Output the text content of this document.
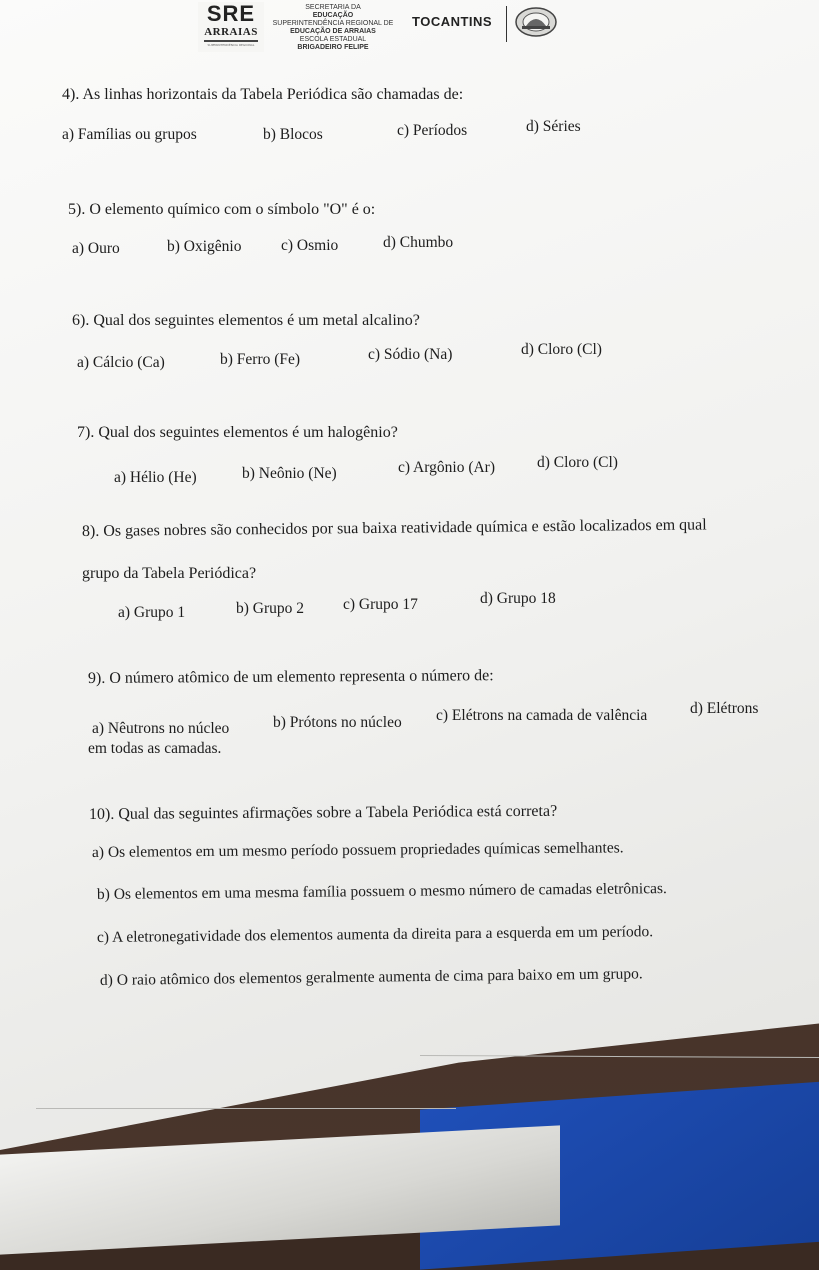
SRE
ARRAIAS
SUPERINTENDÊNCIA REGIONAL
SECRETARIA DA
EDUCAÇÃO
SUPERINTENDÊNCIA REGIONAL DE
EDUCAÇÃO DE ARRAIAS
ESCOLA ESTADUAL
BRIGADEIRO FELIPE
TOCANTINS
4). As linhas horizontais da Tabela Periódica são chamadas de:
a) Famílias ou grupos	b) Blocos	c) Períodos	d) Séries
5). O elemento químico com o símbolo "O" é o:
a) Ouro	b) Oxigênio	c) Osmio	d) Chumbo
6). Qual dos seguintes elementos é um metal alcalino?
a) Cálcio (Ca)	b) Ferro (Fe)	c) Sódio (Na)	d) Cloro (Cl)
7). Qual dos seguintes elementos é um halogênio?
a) Hélio (He)	b) Neônio (Ne)	c) Argônio (Ar)	d) Cloro (Cl)
8). Os gases nobres são conhecidos por sua baixa reatividade química e estão localizados em qual
grupo da Tabela Periódica?
a) Grupo 1	b) Grupo 2	c) Grupo 17	d) Grupo 18
9). O número atômico de um elemento representa o número de:
a) Nêutrons no núcleo	b) Prótons no núcleo c) Elétrons na camada de valência	d) Elétrons
em todas as camadas.
10). Qual das seguintes afirmações sobre a Tabela Periódica está correta?
a) Os elementos em um mesmo período possuem propriedades químicas semelhantes.
b) Os elementos em uma mesma família possuem o mesmo número de camadas eletrônicas.
c) A eletronegatividade dos elementos aumenta da direita para a esquerda em um período.
d) O raio atômico dos elementos geralmente aumenta de cima para baixo em um grupo.
